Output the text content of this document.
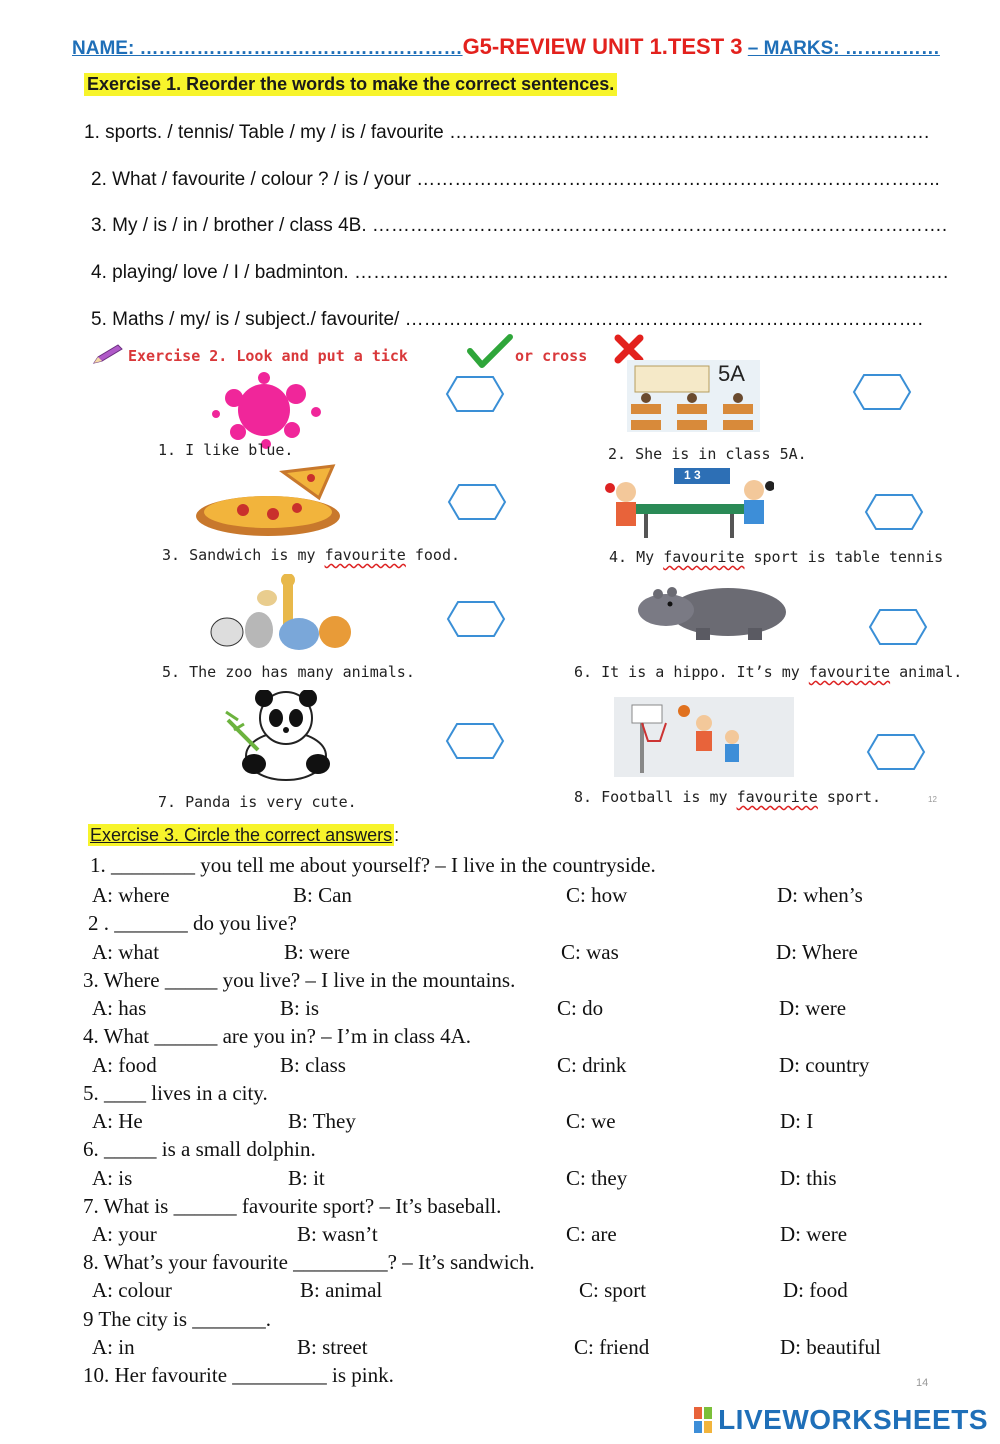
NAME: ……………………………………………G5-REVIEW UNIT 1.TEST 3 – MARKS: ……………
Exercise 1. Reorder the words to make the correct sentences.
1. sports. / tennis/ Table / my / is / favourite ………………………………………………………………….
2. What / favourite / colour ? / is / your ………………………………………………………………………..
3. My / is / in / brother / class 4B. ……………………………………………………………………………….
4. playing/ love / I / badminton. ………………………………………………………………………………….
5. Maths / my/ is / subject./ favourite/ ……………………………………………………………………….
Exercise 2. Look and put a tick	or cross
1. I like blue.
5A
2. She is in class 5A.
3. Sandwich is my favourite food.
1 3
4. My favourite sport is table tennis
5. The zoo has many animals.	6. It is a hippo. It’s my favourite animal.
7. Panda is very cute.	8. Football is my favourite sport.	12
Exercise 3. Circle the correct answers :
1. ________ you tell me about yourself? – I live in the countryside.
A: where	B: Can	C: how	D: when’s
2 . _______ do you live?
A: what	B: were	C: was	D: Where
3. Where _____ you live? – I live in the mountains.
A: has	B: is	C: do	D: were
4. What ______ are you in? – I’m in class 4A.
A: food	B: class	C: drink	D: country
5. ____ lives in a city.
A: He	B: They	C: we	D: I
6. _____ is a small dolphin.
A: is	B: it	C: they	D: this
7. What is ______ favourite sport? – It’s baseball.
A: your	B: wasn’t	C: are	D: were
8. What’s your favourite _________? – It’s sandwich.
A: colour	B: animal	C: sport	D: food
9 The city is _______.
A: in	B: street	C: friend	D: beautiful
10. Her favourite _________ is pink.	14
LIVEWORKSHEETS
